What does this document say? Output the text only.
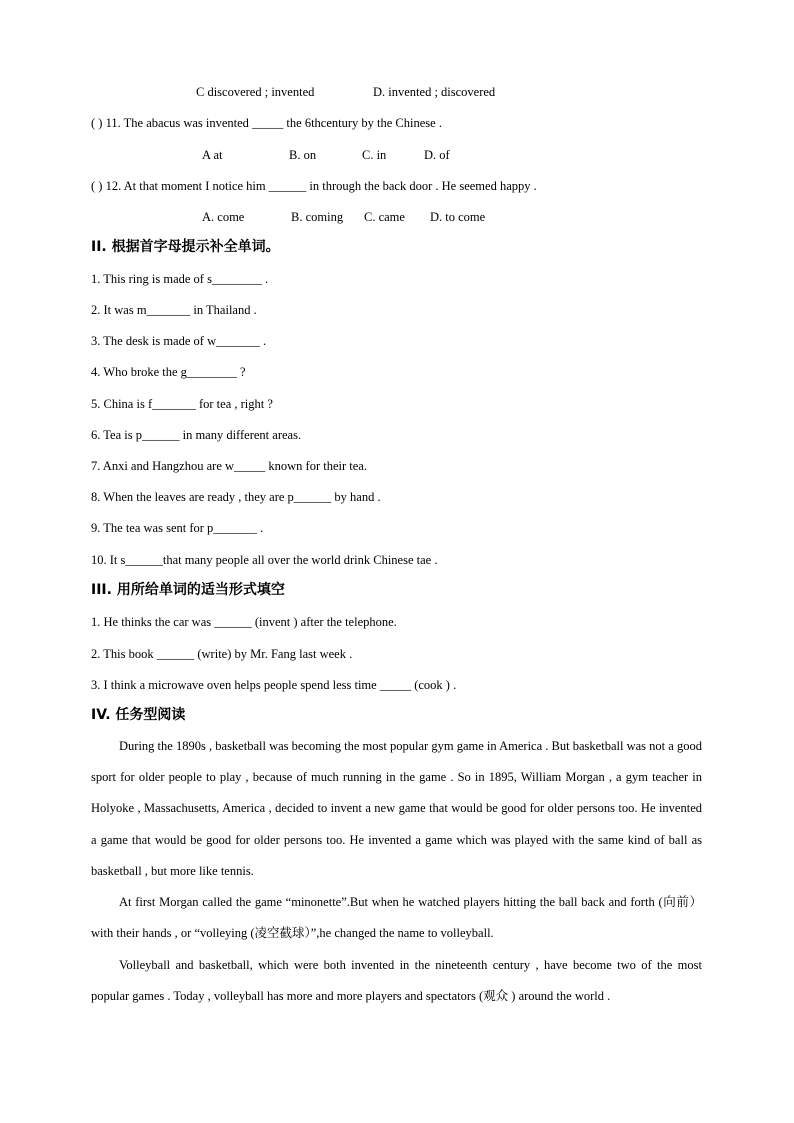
C discovered ; invented	D. invented ; discovered
( ) 11. The abacus was invented _____ the 6thcentury by the Chinese .
A at	B. on	C. in	D. of
( ) 12. At that moment I notice him ______ in through the back door . He seemed happy .
A. come	B. coming C. came D. to come
II. 根据首字母提示补全单词。
1. This ring is made of s________ .
2. It was m_______ in Thailand .
3. The desk is made of w_______ .
4. Who broke the g________ ?
5. China is f_______ for tea , right ?
6. Tea is p______ in many different areas.
7. Anxi and Hangzhou are w_____ known for their tea.
8. When the leaves are ready , they are p______ by hand .
9. The tea was sent for p_______ .
10. It s______that many people all over the world drink Chinese tae .
III. 用所给单词的适当形式填空
1. He thinks the car was ______ (invent ) after the telephone.
2. This book ______ (write) by Mr. Fang last week .
3. I think a microwave oven helps people spend less time _____ (cook ) .
IV. 任务型阅读
During the 1890s , basketball was becoming the most popular gym game in America . But basketball was not a good sport for older people to play , because of much running in the game . So in 1895, William Morgan , a gym teacher in Holyoke , Massachusetts, America , decided to invent a new game that would be good for older persons too. He invented a game that would be good for older persons too. He invented a game which was played with the same kind of ball as basketball , but more like tennis.
At first Morgan called the game “minonette”.But when he watched players hitting the ball back and forth (向前）with their hands , or “volleying (凌空截球）”,he changed the name to volleyball.
Volleyball and basketball, which were both invented in the nineteenth century , have become two of the most popular games . Today , volleyball has more and more players and spectators (观众 ) around the world .
